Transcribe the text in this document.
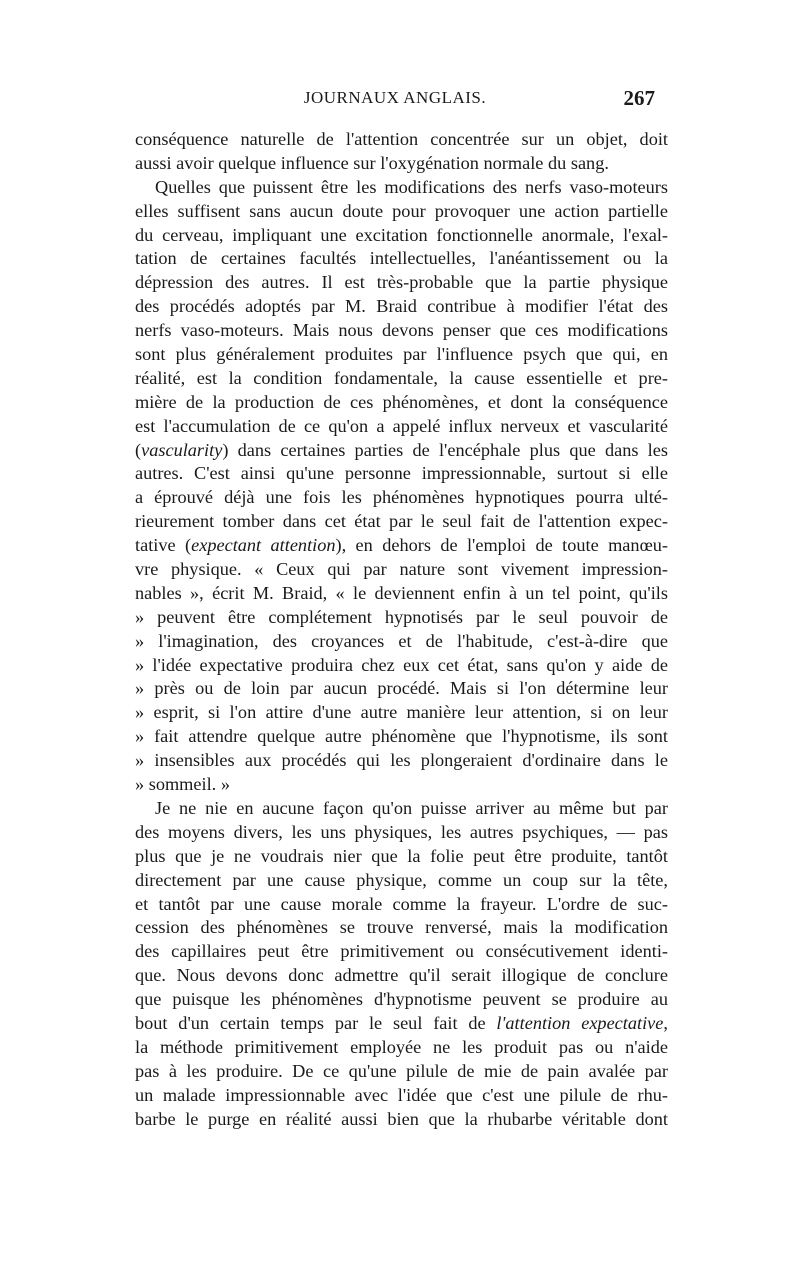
JOURNAUX ANGLAIS.	267
conséquence naturelle de l'attention concentrée sur un objet, doit
aussi avoir quelque influence sur l'oxygénation normale du sang.
Quelles que puissent être les modifications des nerfs vaso-moteurs
elles suffisent sans aucun doute pour provoquer une action partielle
du cerveau, impliquant une excitation fonctionnelle anormale, l'exal-
tation de certaines facultés intellectuelles, l'anéantissement ou la
dépression des autres. Il est très-probable que la partie physique
des procédés adoptés par M. Braid contribue à modifier l'état des
nerfs vaso-moteurs. Mais nous devons penser que ces modifications
sont plus généralement produites par l'influence psych que qui, en
réalité, est la condition fondamentale, la cause essentielle et pre-
mière de la production de ces phénomènes, et dont la conséquence
est l'accumulation de ce qu'on a appelé influx nerveux et vascularité
(vascularity) dans certaines parties de l'encéphale plus que dans les
autres. C'est ainsi qu'une personne impressionnable, surtout si elle
a éprouvé déjà une fois les phénomènes hypnotiques pourra ulté-
rieurement tomber dans cet état par le seul fait de l'attention expec-
tative (expectant attention), en dehors de l'emploi de toute manœu-
vre physique. « Ceux qui par nature sont vivement impression-
nables », écrit M. Braid, « le deviennent enfin à un tel point, qu'ils
» peuvent être complétement hypnotisés par le seul pouvoir de
» l'imagination, des croyances et de l'habitude, c'est-à-dire que
» l'idée expectative produira chez eux cet état, sans qu'on y aide de
» près ou de loin par aucun procédé. Mais si l'on détermine leur
» esprit, si l'on attire d'une autre manière leur attention, si on leur
» fait attendre quelque autre phénomène que l'hypnotisme, ils sont
» insensibles aux procédés qui les plongeraient d'ordinaire dans le
» sommeil. »
Je ne nie en aucune façon qu'on puisse arriver au même but par
des moyens divers, les uns physiques, les autres psychiques, — pas
plus que je ne voudrais nier que la folie peut être produite, tantôt
directement par une cause physique, comme un coup sur la tête,
et tantôt par une cause morale comme la frayeur. L'ordre de suc-
cession des phénomènes se trouve renversé, mais la modification
des capillaires peut être primitivement ou consécutivement identi-
que. Nous devons donc admettre qu'il serait illogique de conclure
que puisque les phénomènes d'hypnotisme peuvent se produire au
bout d'un certain temps par le seul fait de l'attention expectative,
la méthode primitivement employée ne les produit pas ou n'aide
pas à les produire. De ce qu'une pilule de mie de pain avalée par
un malade impressionnable avec l'idée que c'est une pilule de rhu-
barbe le purge en réalité aussi bien que la rhubarbe véritable dont
